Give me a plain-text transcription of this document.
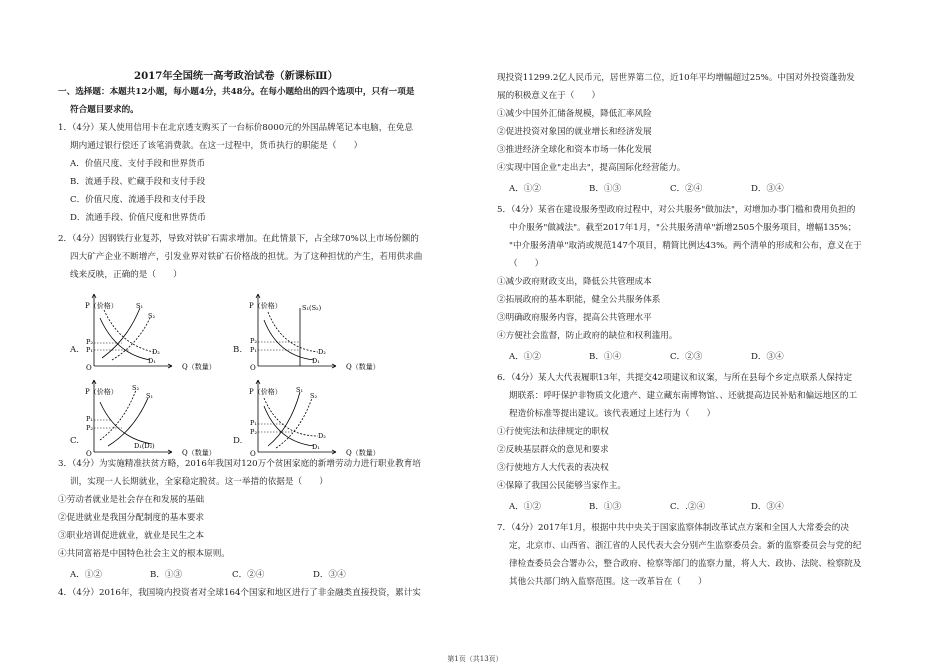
2017年全国统一高考政治试卷（新课标Ⅲ）
一、选择题：本题共12小题，每小题4分，共48分。在每小题给出的四个选项中，只有一项是
符合题目要求的。
1．（4分）某人使用信用卡在北京透支购买了一台标价8000元的外国品牌笔记本电脑，在免息
期内通过银行偿还了该笔消费款。在这一过程中，货币执行的职能是（　　）
A．价值尺度、支付手段和世界货币
B．流通手段、贮藏手段和支付手段
C．价值尺度、流通手段和支付手段
D．流通手段、价值尺度和世界货币
2．（4分）因钢铁行业复苏，导致对铁矿石需求增加。在此情景下，占全球70%以上市场份额的
四大矿产企业不断增产，引发业界对铁矿石价格战的担忧。为了这种担忧的产生，若用供求曲
线来反映，正确的是（　　）
A.
P（价格）
Q（数量）
O
S₁
S₂
D₂
D₁
P₂
P₁	B.
P（价格）
Q（数量）
O
S₁(S₂)
D₂
D₁
P₂
P₁
C.
P（价格）
Q（数量）
O
S₂
S₁
D₁(D₂)
P₁
P₂
D.
P（价格）
Q（数量）
O
S₁
S₂
D₂
D₁
P₁
P₂
3．（4分）为实施精准扶贫方略，2016年我国对120万个贫困家庭的新增劳动力进行职业教育培
训，实现一人长期就业，全家稳定脱贫。这一举措的依据是（　　）
①劳动者就业是社会存在和发展的基础
②促进就业是我国分配制度的基本要求
③职业培训促进就业，就业是民生之本
④共同富裕是中国特色社会主义的根本原则。
A．①②	B．①③	C．②④	D．③④
4．（4分）2016年，我国境内投资者对全球164个国家和地区进行了非金融类直接投资，累计实
现投资11299.2亿人民币元，居世界第二位，近10年平均增幅超过25%。中国对外投资蓬勃发
展的积极意义在于（　　）
①减少中国外汇储备规模，降低汇率风险
②促进投资对象国的就业增长和经济发展
③推进经济全球化和资本市场一体化发展
④实现中国企业"走出去"，提高国际化经营能力。
A．①②	B．①③	C．②④	D．③④
5．（4分）某省在建设服务型政府过程中，对公共服务"做加法"，对增加办事门槛和费用负担的
中介服务"做减法"。截至2017年1月，"公共服务清单"新增2505个服务项目，增幅135%；
"中介服务清单"取消或规范147个项目，精简比例达43%。两个清单的形成和公布，意义在于
（　　）
①减少政府财政支出，降低公共管理成本
②拓展政府的基本职能，健全公共服务体系
③明确政府服务内容，提高公共管理水平
④方便社会监督，防止政府的缺位和权利滥用。
A．①②	B．①④	C．②③	D．③④
6．（4分）某人大代表履职13年，共提交42项建议和议案，与所在县每个乡定点联系人保持定
期联系：呼吁保护非物质文化遗产、建立藏东南博物馆、、还就提高边民补贴和偏远地区的工
程造价标准等提出建议。该代表通过上述行为（　　）
①行使宪法和法律规定的职权
②反映基层群众的意见和要求
③行使地方人大代表的表决权
④保障了我国公民能够当家作主。
A．①②	B．①③	C．.②④	D．③④
7．（4分）2017年1月，根据中共中央关于国家监察体制改革试点方案和全国人大常委会的决
定，北京市、山西省、浙江省的人民代表大会分别产生监察委员会。新的监察委员会与党的纪
律检查委员会合署办公，整合政府、检察等部门的监察力量，将人大、政协、法院、检察院及
其他公共部门纳入监察范围。这一改革旨在（　　）
第1页（共13页）
